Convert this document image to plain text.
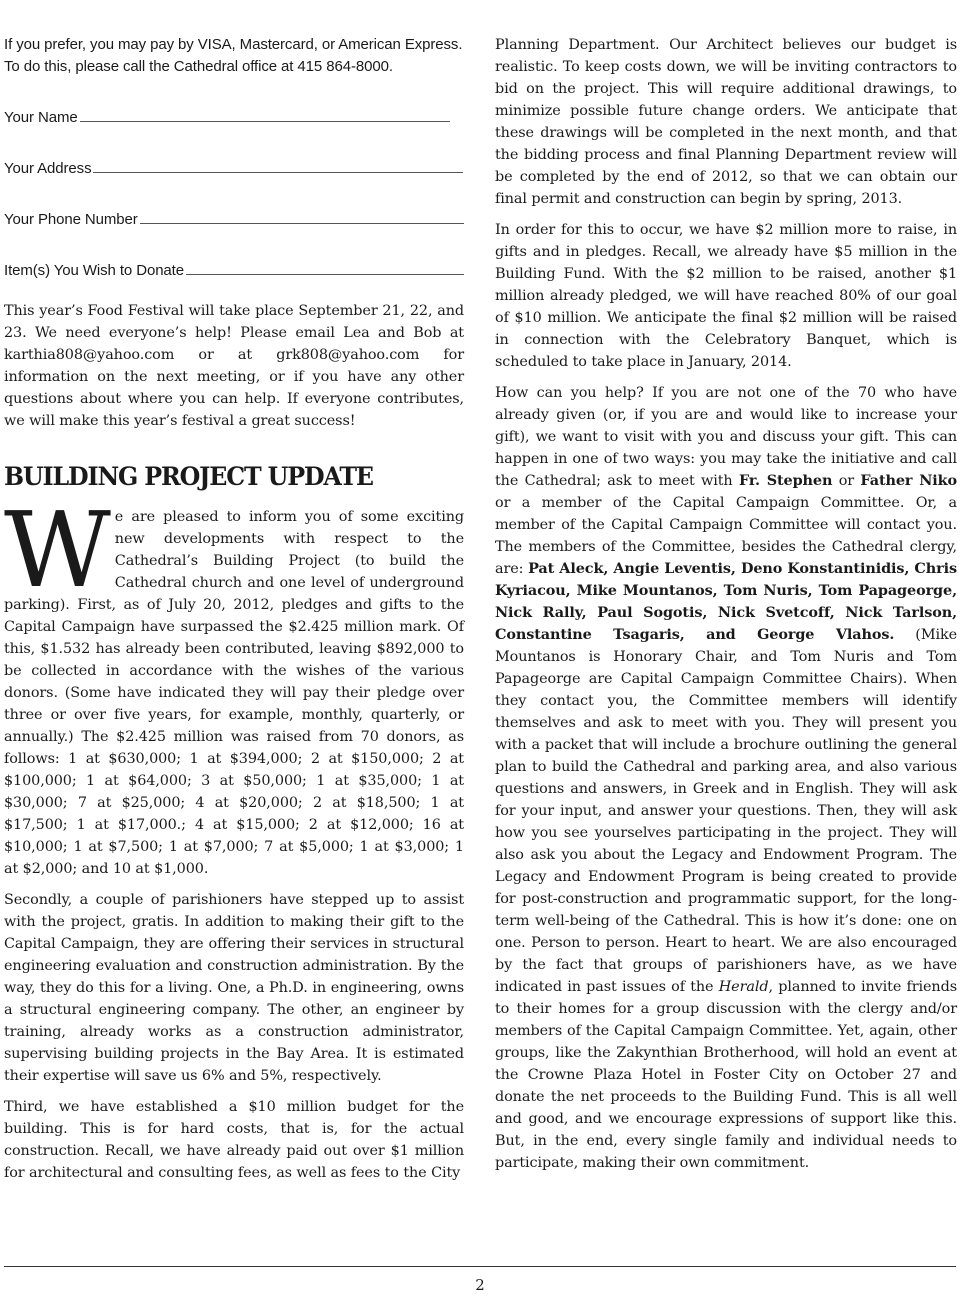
If you prefer, you may pay by VISA, Mastercard, or American Express. To do this, please call the Cathedral office at 415 864-8000.

Your Name
Your Address
Your Phone Number
Item(s) You Wish to Donate

This year’s Food Festival will take place September 21, 22, and 23. We need everyone’s help! Please email Lea and Bob at karthia808@yahoo.com or at grk808@yahoo.com for information on the next meeting, or if you have any other questions about where you can help. If everyone contributes, we will make this year’s festival a great success!

BUILDING PROJECT UPDATE

We are pleased to inform you of some exciting new developments with respect to the Cathedral’s Building Project (to build the Cathedral church and one level of underground parking). First, as of July 20, 2012, pledges and gifts to the Capital Campaign have surpassed the $2.425 million mark. Of this, $1.532 has already been contributed, leaving $892,000 to be collected in accordance with the wishes of the various donors. (Some have indicated they will pay their pledge over three or over five years, for example, monthly, quarterly, or annually.) The $2.425 million was raised from 70 donors, as follows: 1 at $630,000; 1 at $394,000; 2 at $150,000; 2 at $100,000; 1 at $64,000; 3 at $50,000; 1 at $35,000; 1 at $30,000; 7 at $25,000; 4 at $20,000; 2 at $18,500; 1 at $17,500; 1 at $17,000.; 4 at $15,000; 2 at $12,000; 16 at $10,000; 1 at $7,500; 1 at $7,000; 7 at $5,000; 1 at $3,000; 1 at $2,000; and 10 at $1,000.

Secondly, a couple of parishioners have stepped up to assist with the project, gratis. In addition to making their gift to the Capital Campaign, they are offering their services in structural engineering evaluation and construction administration. By the way, they do this for a living. One, a Ph.D. in engineering, owns a structural engineering company. The other, an engineer by training, already works as a construction administrator, supervising building projects in the Bay Area. It is estimated their expertise will save us 6% and 5%, respectively.

Third, we have established a $10 million budget for the building. This is for hard costs, that is, for the actual construction. Recall, we have already paid out over $1 million for architectural and consulting fees, as well as fees to the City

Planning Department. Our Architect believes our budget is realistic. To keep costs down, we will be inviting contractors to bid on the project. This will require additional drawings, to minimize possible future change orders. We anticipate that these drawings will be completed in the next month, and that the bidding process and final Planning Department review will be completed by the end of 2012, so that we can obtain our final permit and construction can begin by spring, 2013.

In order for this to occur, we have $2 million more to raise, in gifts and in pledges. Recall, we already have $5 million in the Building Fund. With the $2 million to be raised, another $1 million already pledged, we will have reached 80% of our goal of $10 million. We anticipate the final $2 million will be raised in connection with the Celebratory Banquet, which is scheduled to take place in January, 2014.

How can you help? If you are not one of the 70 who have already given (or, if you are and would like to increase your gift), we want to visit with you and discuss your gift. This can happen in one of two ways: you may take the initiative and call the Cathedral; ask to meet with Fr. Stephen or Father Niko or a member of the Capital Campaign Committee. Or, a member of the Capital Campaign Committee will contact you. The members of the Committee, besides the Cathedral clergy, are: Pat Aleck, Angie Leventis, Deno Konstantinidis, Chris Kyriacou, Mike Mountanos, Tom Nuris, Tom Papageorge, Nick Rally, Paul Sogotis, Nick Svetcoff, Nick Tarlson, Constantine Tsagaris, and George Vlahos. (Mike Mountanos is Honorary Chair, and Tom Nuris and Tom Papageorge are Capital Campaign Committee Chairs). When they contact you, the Committee members will identify themselves and ask to meet with you. They will present you with a packet that will include a brochure outlining the general plan to build the Cathedral and parking area, and also various questions and answers, in Greek and in English. They will ask for your input, and answer your questions. Then, they will ask how you see yourselves participating in the project. They will also ask you about the Legacy and Endowment Program. The Legacy and Endowment Program is being created to provide for post-construction and programmatic support, for the long-term well-being of the Cathedral. This is how it’s done: one on one. Person to person. Heart to heart. We are also encouraged by the fact that groups of parishioners have, as we have indicated in past issues of the Herald, planned to invite friends to their homes for a group discussion with the clergy and/or members of the Capital Campaign Committee. Yet, again, other groups, like the Zakynthian Brotherhood, will hold an event at the Crowne Plaza Hotel in Foster City on October 27 and donate the net proceeds to the Building Fund. This is all well and good, and we encourage expressions of support like this. But, in the end, every single family and individual needs to participate, making their own commitment.

2
